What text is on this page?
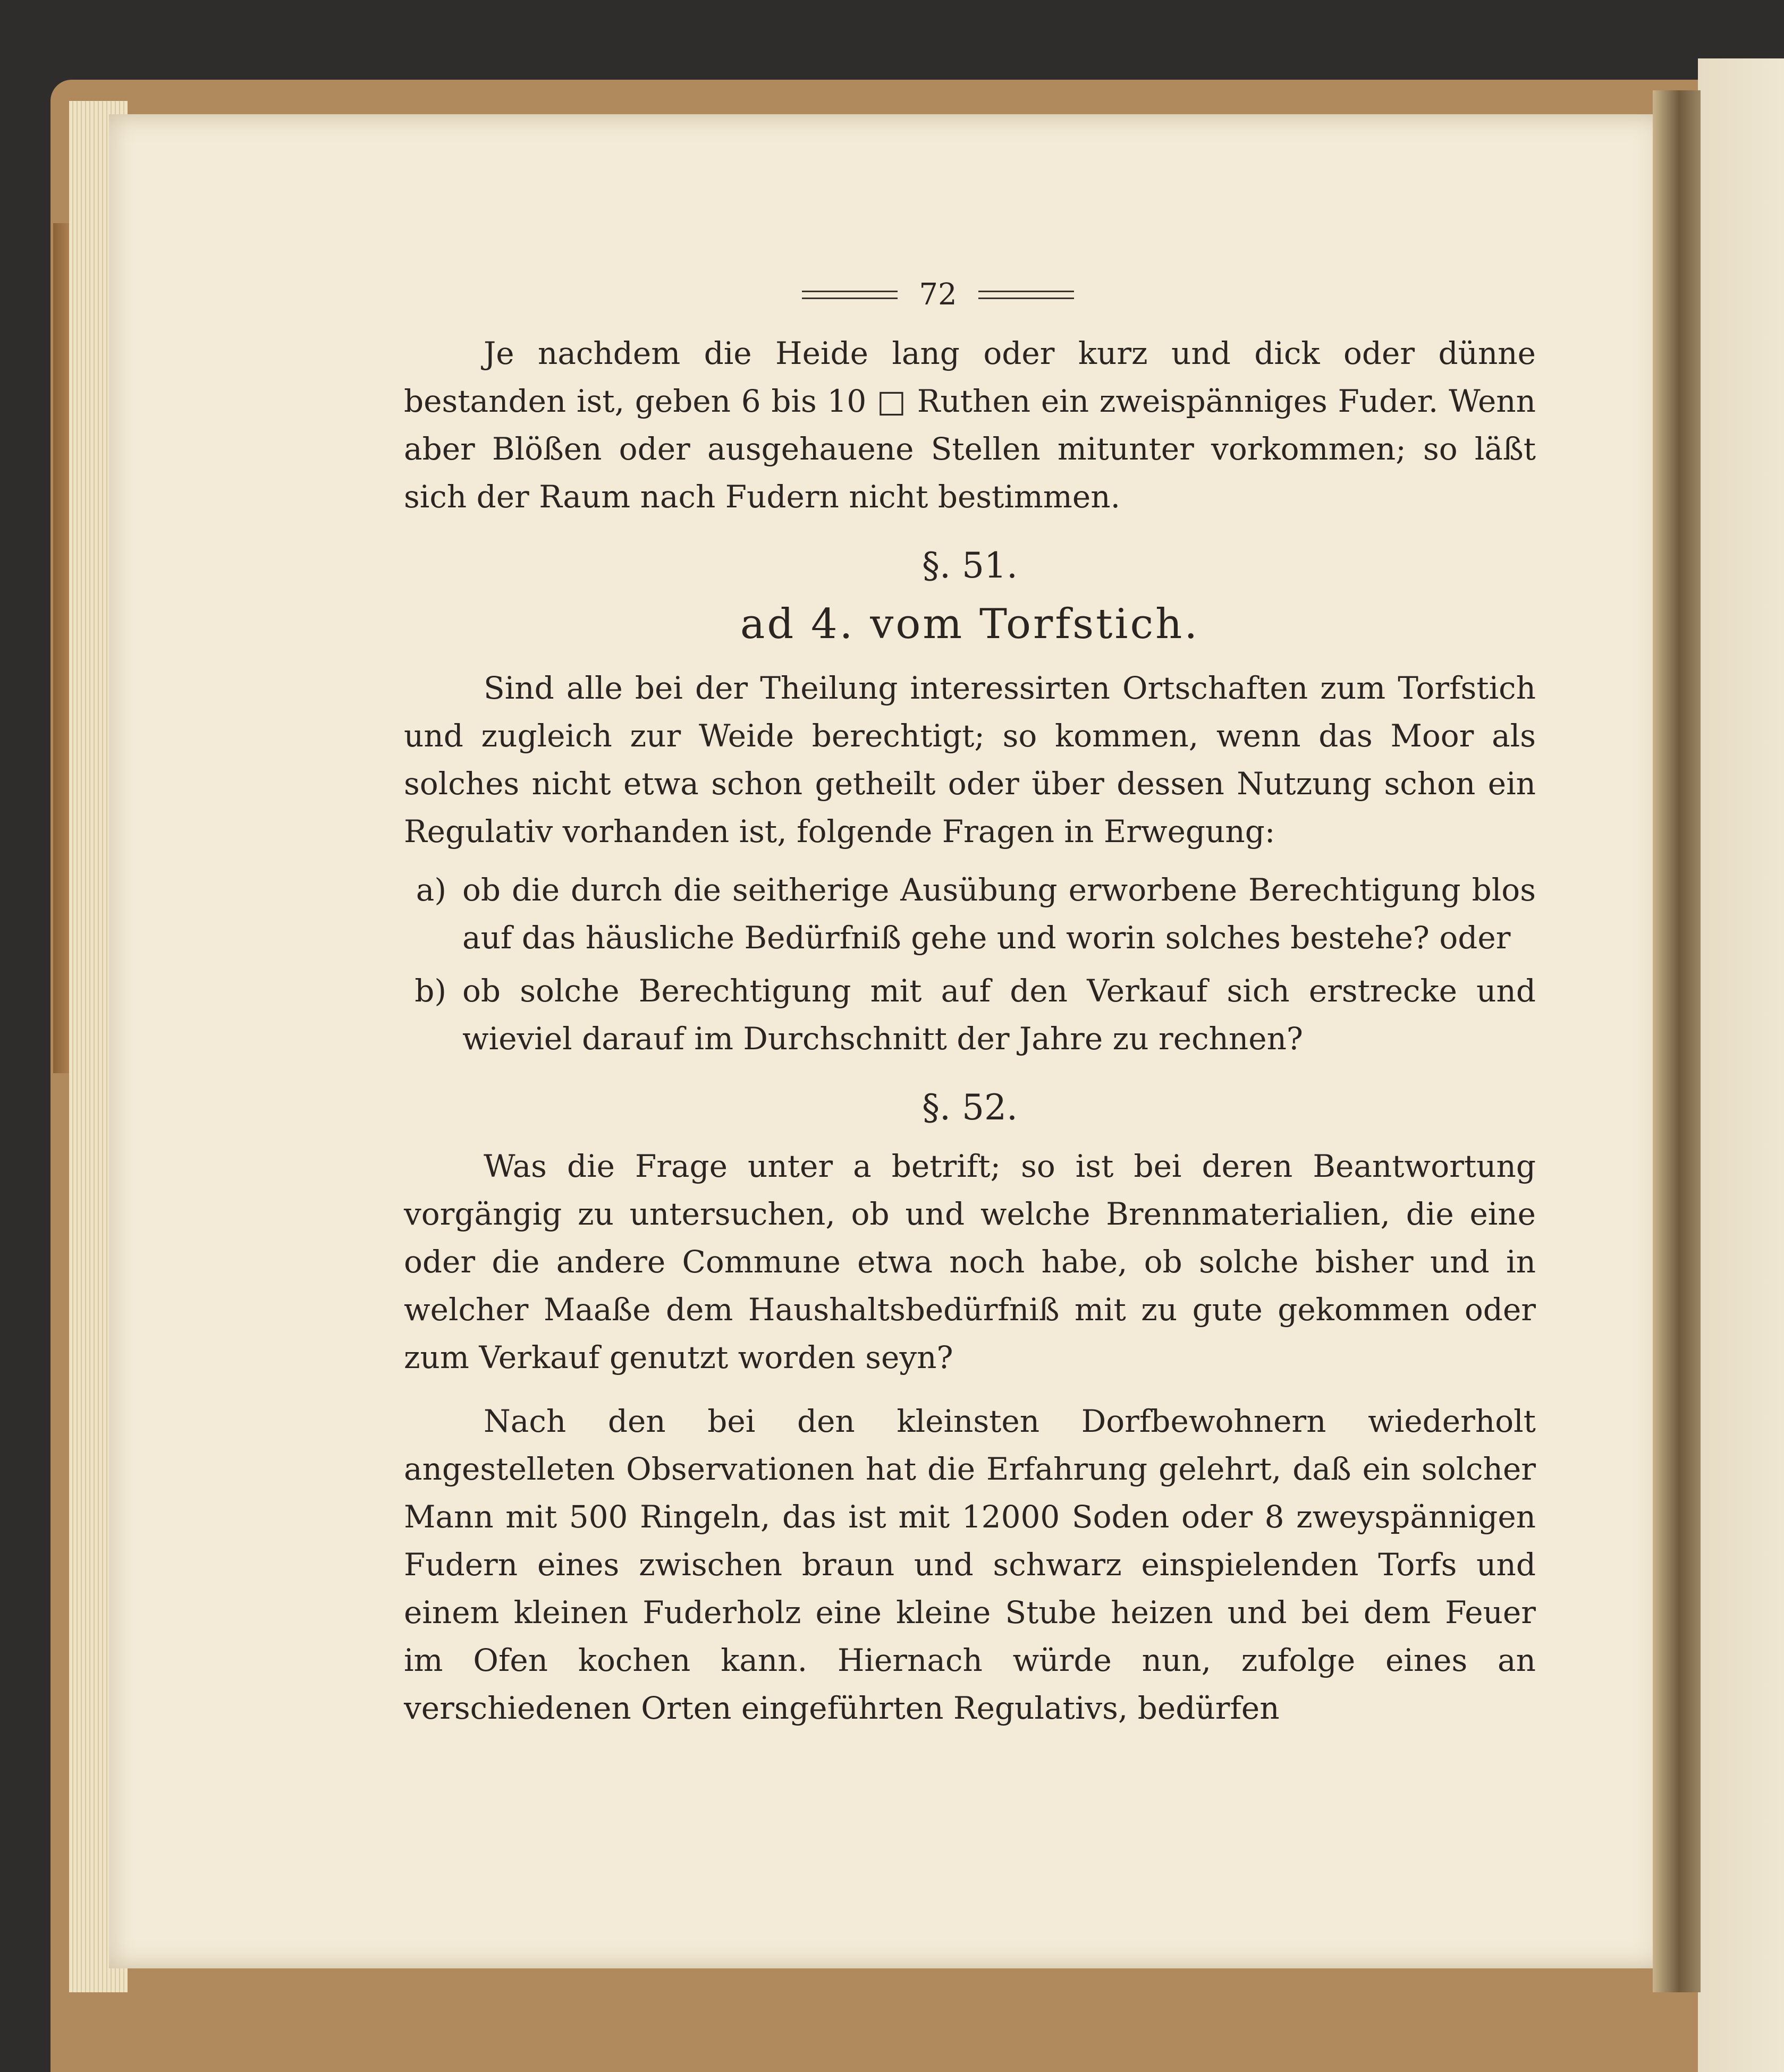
72

Je nachdem die Heide lang oder kurz und dick oder dünne bestanden ist, geben 6 bis 10 □ Ruthen ein zweispänniges Fuder. Wenn aber Blößen oder ausgehauene Stellen mitunter vorkommen; so läßt sich der Raum nach Fudern nicht bestimmen.

§. 51.
ad 4. vom Torfstich.

Sind alle bei der Theilung interessirten Ortschaften zum Torfstich und zugleich zur Weide berechtigt; so kommen, wenn das Moor als solches nicht etwa schon getheilt oder über dessen Nutzung schon ein Regulativ vorhanden ist, folgende Fragen in Erwegung:

a) ob die durch die seitherige Ausübung erworbene Berechtigung blos auf das häusliche Bedürfniß gehe und worin solches bestehe? oder
b) ob solche Berechtigung mit auf den Verkauf sich erstrecke und wieviel darauf im Durchschnitt der Jahre zu rechnen?
§. 52.

Was die Frage unter a betrift; so ist bei deren Beantwortung vorgängig zu untersuchen, ob und welche Brennmaterialien, die eine oder die andere Commune etwa noch habe, ob solche bisher und in welcher Maaße dem Haushaltsbedürfniß mit zu gute gekommen oder zum Verkauf genutzt worden seyn?

Nach den bei den kleinsten Dorfbewohnern wiederholt angestelleten Observationen hat die Erfahrung gelehrt, daß ein solcher Mann mit 500 Ringeln, das ist mit 12000 Soden oder 8 zweyspännigen Fudern eines zwischen braun und schwarz einspielenden Torfs und einem kleinen Fuderholz eine kleine Stube heizen und bei dem Feuer im Ofen kochen kann. Hiernach würde nun, zufolge eines an verschiedenen Orten eingeführten Regulativs, bedürfen
